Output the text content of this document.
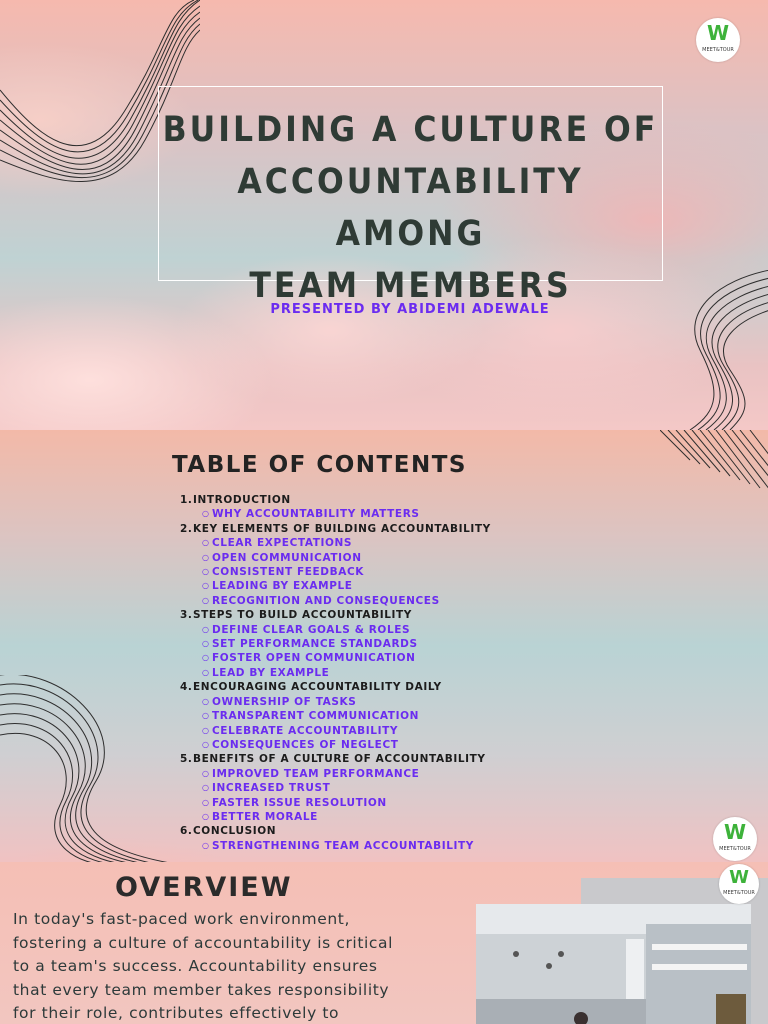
W
MEET&TOUR
BUILDING A CULTURE OF
ACCOUNTABILITY AMONG
TEAM MEMBERS

PRESENTED BY ABIDEMI ADEWALE

W
MEET&TOUR
TABLE OF CONTENTS
1.INTRODUCTION
○ WHY ACCOUNTABILITY MATTERS
2.KEY ELEMENTS OF BUILDING ACCOUNTABILITY
○ CLEAR EXPECTATIONS
○ OPEN COMMUNICATION
○ CONSISTENT FEEDBACK
○ LEADING BY EXAMPLE
○ RECOGNITION AND CONSEQUENCES
3.STEPS TO BUILD ACCOUNTABILITY
○ DEFINE CLEAR GOALS & ROLES
○ SET PERFORMANCE STANDARDS
○ FOSTER OPEN COMMUNICATION
○ LEAD BY EXAMPLE
4.ENCOURAGING ACCOUNTABILITY DAILY
○ OWNERSHIP OF TASKS
○ TRANSPARENT COMMUNICATION
○ CELEBRATE ACCOUNTABILITY
○ CONSEQUENCES OF NEGLECT
5.BENEFITS OF A CULTURE OF ACCOUNTABILITY
○ IMPROVED TEAM PERFORMANCE
○ INCREASED TRUST
○ FASTER ISSUE RESOLUTION
○ BETTER MORALE
6.CONCLUSION
○ STRENGTHENING TEAM ACCOUNTABILITY
W
MEET&TOUR
OVERVIEW

In today's fast-paced work environment,
fostering a culture of accountability is critical
to a team's success. Accountability ensures
that every team member takes responsibility
for their role, contributes effectively to
